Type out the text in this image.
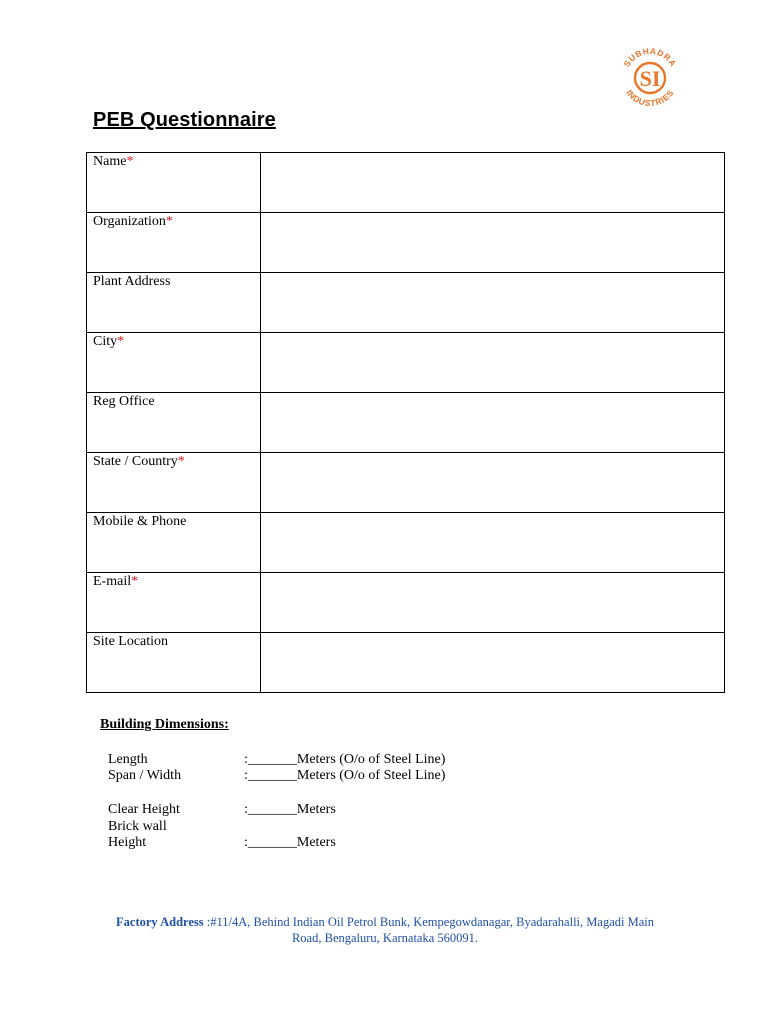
SUBHADRA
INDUSTRIES
SI
PEB Questionnaire
Name*	
Organization*	
Plant Address	
City*	
Reg Office	
State / Country*	
Mobile & Phone	
E-mail*	
Site Location	
Building Dimensions:
Length	:_______Meters (O/o of Steel Line)
Span / Width	:_______Meters (O/o of Steel Line)
Clear Height	:_______Meters
Brick wall
Height	:_______Meters
Factory Address :#11/4A, Behind Indian Oil Petrol Bunk, Kempegowdanagar, Byadarahalli, Magadi Main
Road, Bengaluru, Karnataka 560091.
